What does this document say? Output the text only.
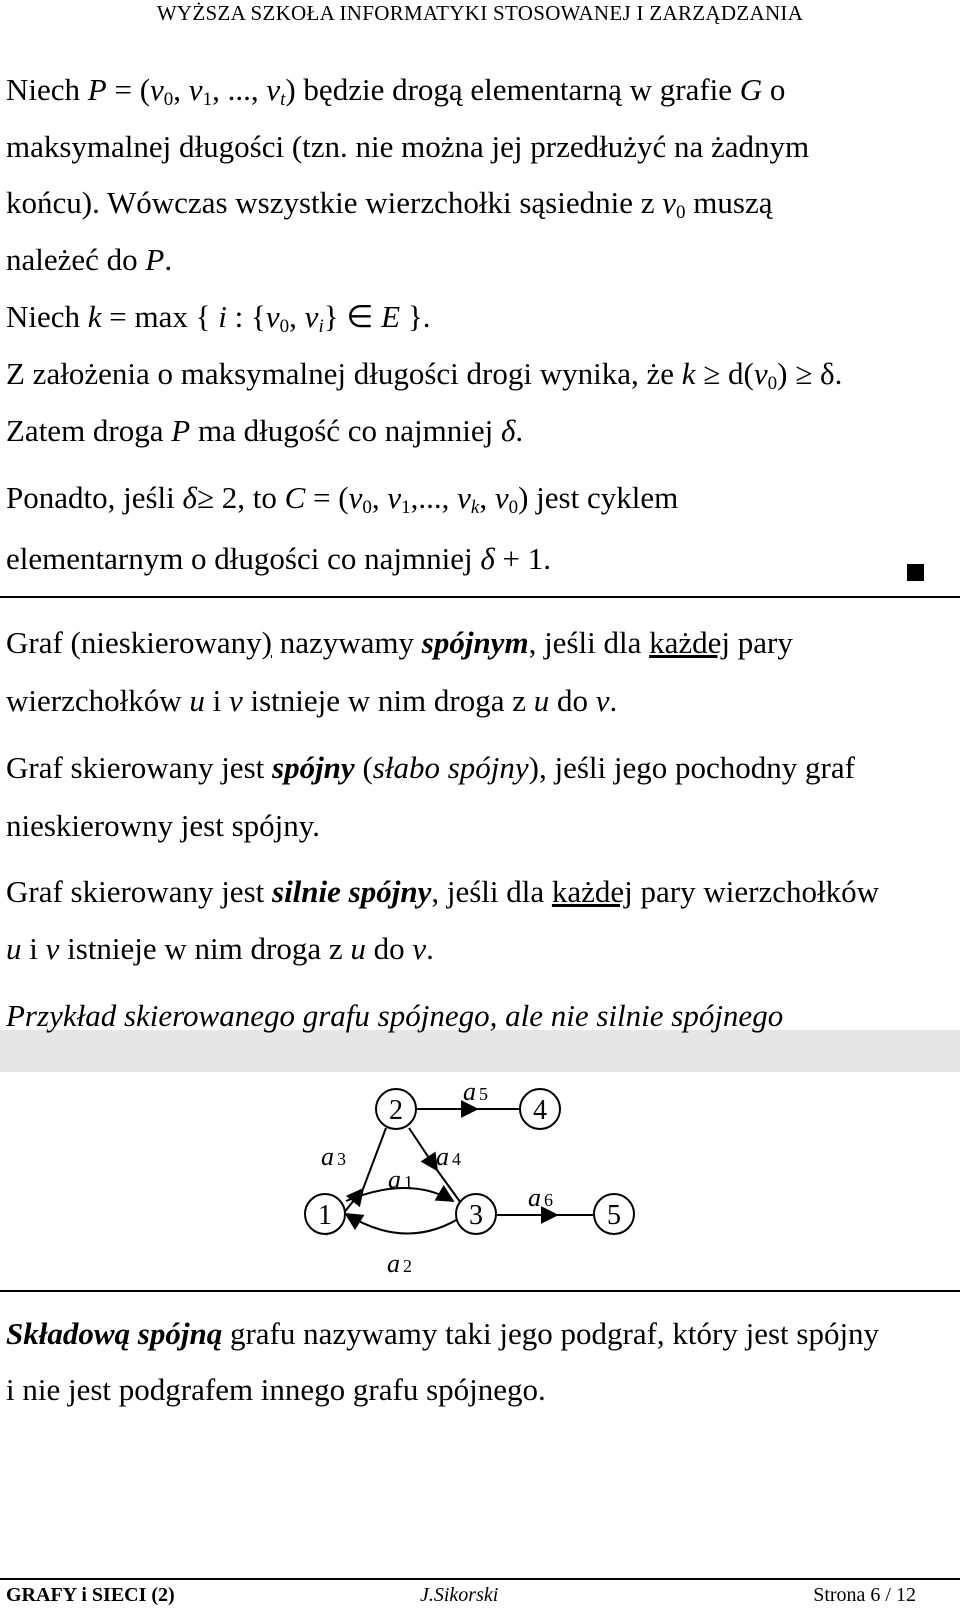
WYŻSZA SZKOŁA INFORMATYKI STOSOWANEJ I ZARZĄDZANIA
Niech $P = (v_0$, $v_1$, ..., $v_t$) będzie drogą elementarną w grafie G o
maksymalnej długości (tzn. nie można jej przedłużyć na żadnym
końcu). Wówczas wszystkie wierzchołki sąsiednie z $v_0$ muszą
należeć do P.
Niech k = max { i : {$v_0$, $v_i$} ∈ E }.
Z założenia o maksymalnej długości drogi wynika, że $k \ge d(v_0) \ge \delta$.
Zatem droga P ma długość co najmniej δ.
Ponadto, jeśli δ≥ 2, to $C = (v_0$, $v_1$,..., $v_k$, $v_0$) jest cyklem
elementarnym o długości co najmniej δ + 1.
Graf (nieskierowany) nazywamy spójnym, jeśli dla każdej pary
wierzchołków u i v istnieje w nim droga z u do v.
Graf skierowany jest spójny (słabo spójny), jeśli jego pochodny graf
nieskierowny jest spójny.
Graf skierowany jest silnie spójny, jeśli dla każdej pary wierzchołków
u i v istnieje w nim droga z u do v.
Przykład skierowanego grafu spójnego, ale nie silnie spójnego
2	4
1	3	5
a 5
a 3	a 4
a 1
a 6
a 2
Składową spójną grafu nazywamy taki jego podgraf, który jest spójny
i nie jest podgrafem innego grafu spójnego.
GRAFY i SIECI (2)	J.Sikorski	Strona 6 / 12
